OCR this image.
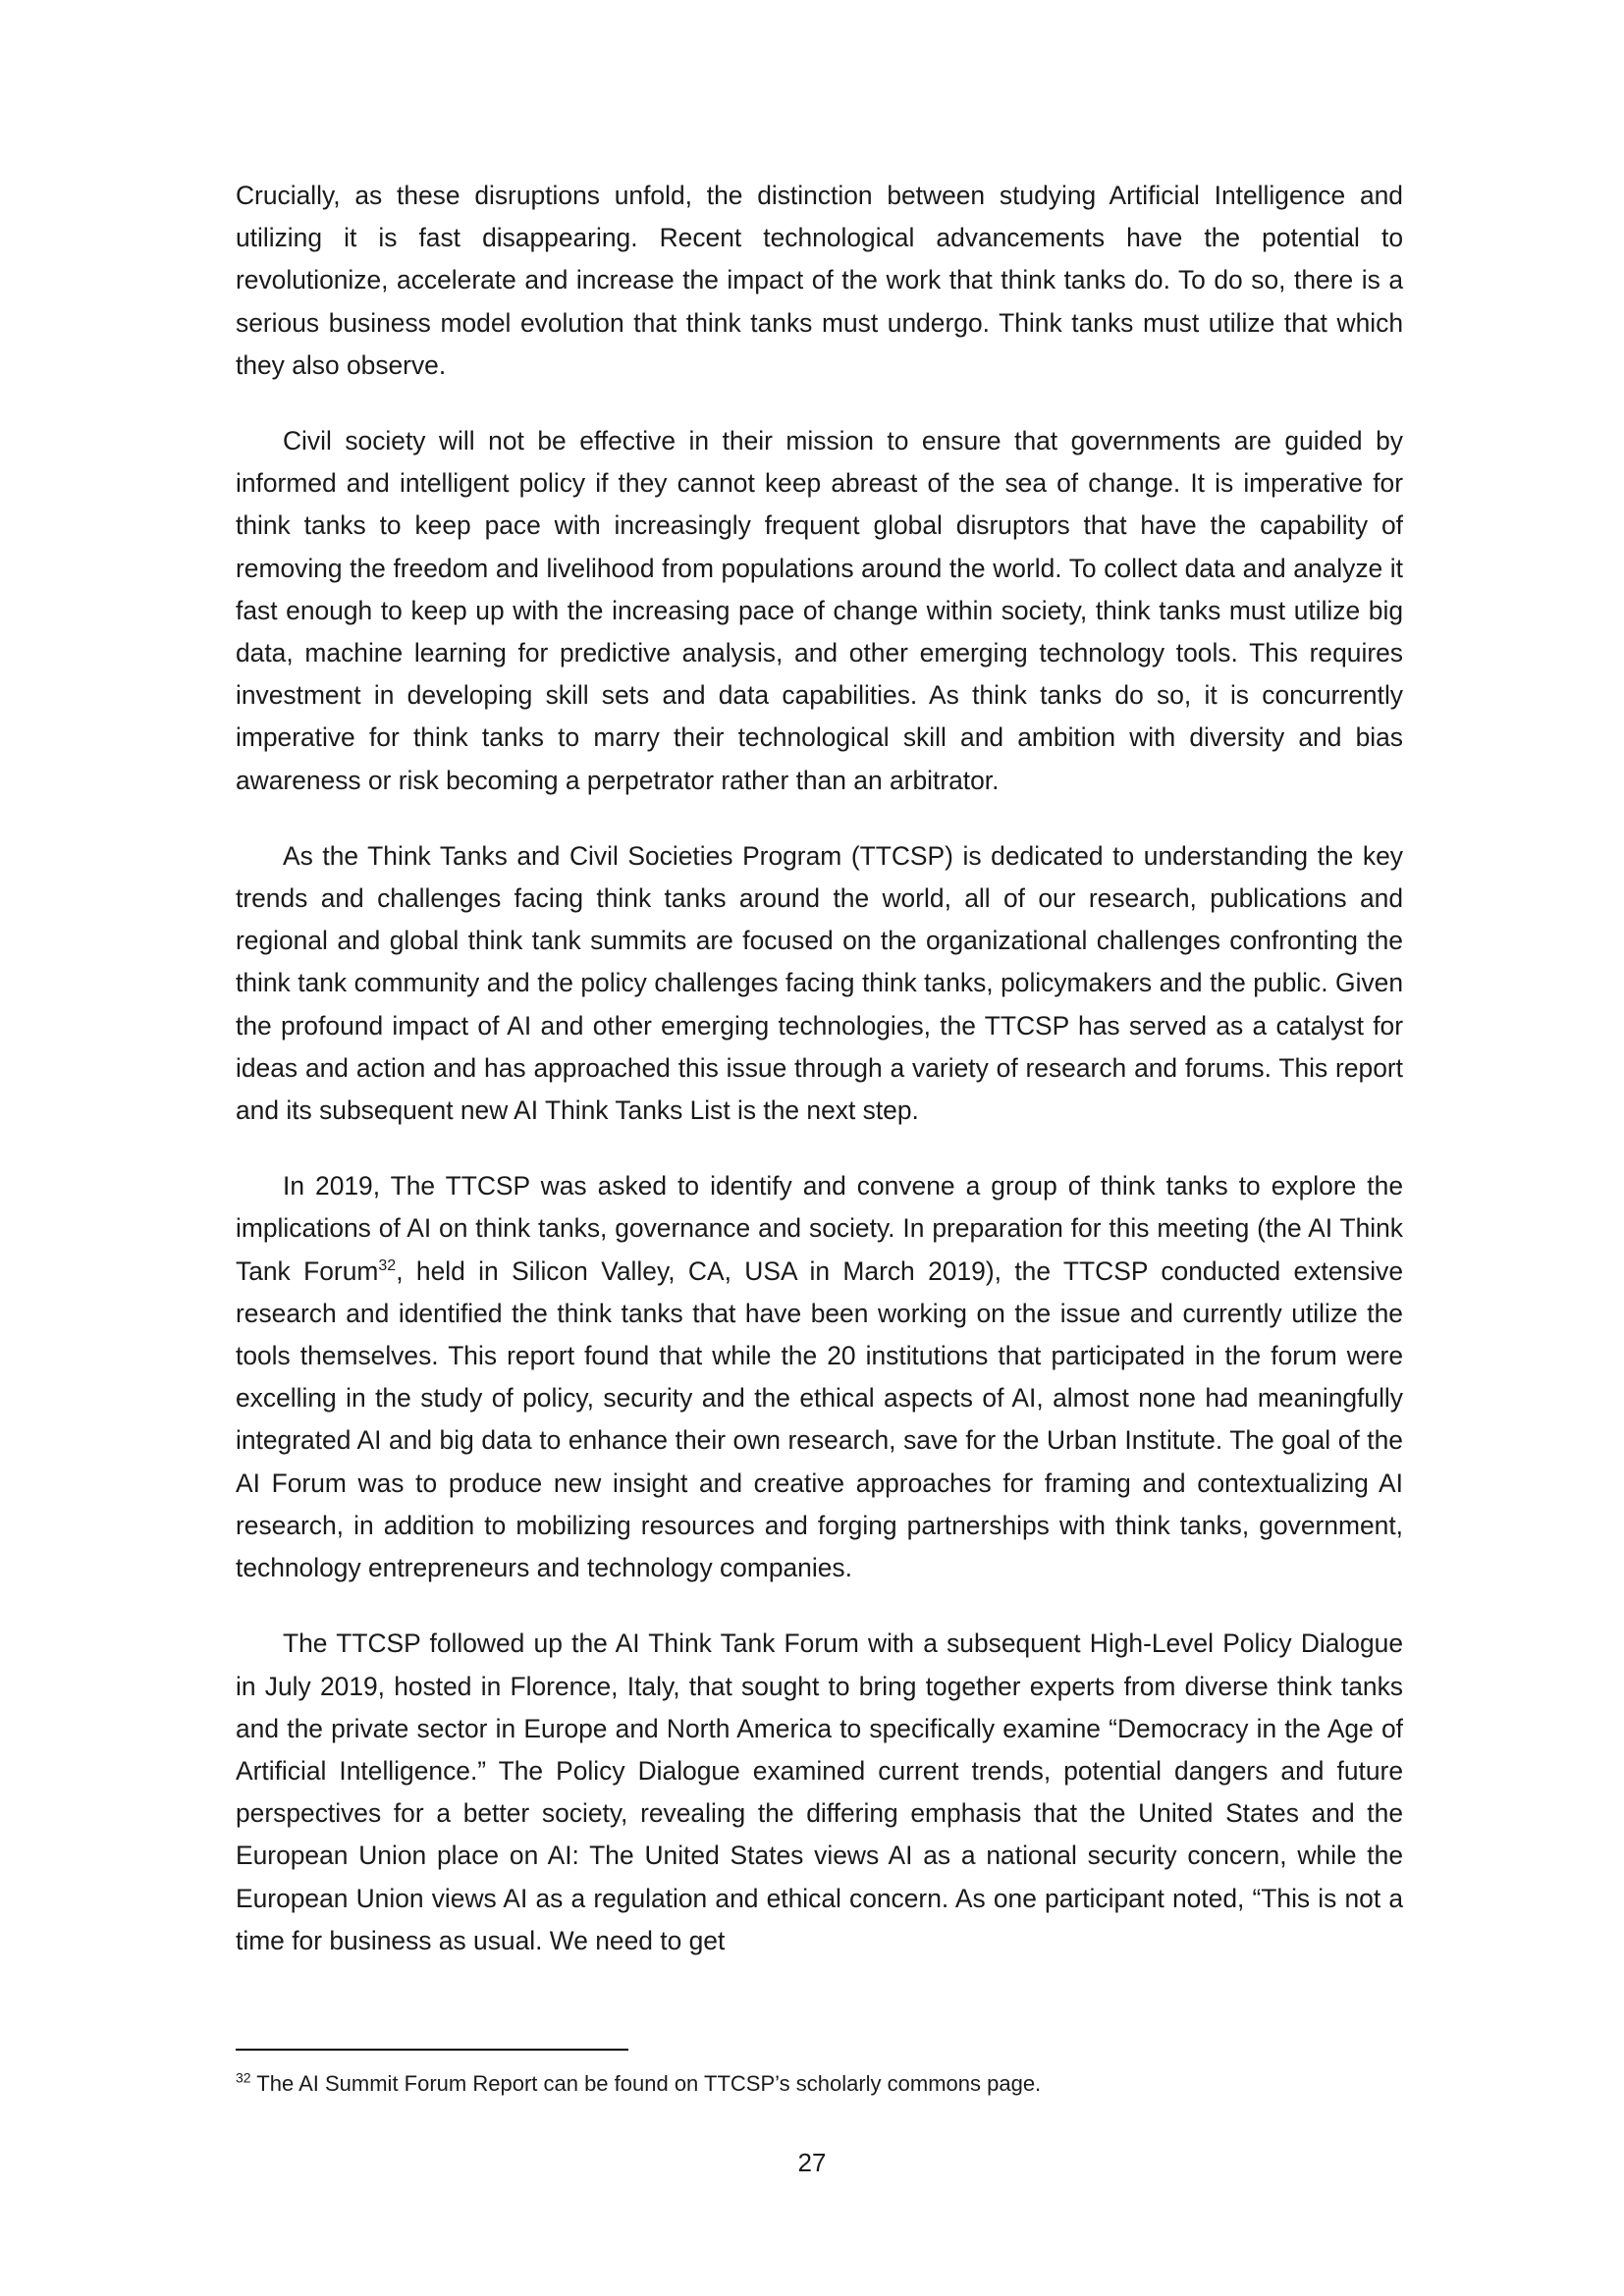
Crucially, as these disruptions unfold, the distinction between studying Artificial Intelligence and utilizing it is fast disappearing. Recent technological advancements have the potential to revolutionize, accelerate and increase the impact of the work that think tanks do. To do so, there is a serious business model evolution that think tanks must undergo. Think tanks must utilize that which they also observe.

Civil society will not be effective in their mission to ensure that governments are guided by informed and intelligent policy if they cannot keep abreast of the sea of change. It is imperative for think tanks to keep pace with increasingly frequent global disruptors that have the capability of removing the freedom and livelihood from populations around the world. To collect data and analyze it fast enough to keep up with the increasing pace of change within society, think tanks must utilize big data, machine learning for predictive analysis, and other emerging technology tools. This requires investment in developing skill sets and data capabilities. As think tanks do so, it is concurrently imperative for think tanks to marry their technological skill and ambition with diversity and bias awareness or risk becoming a perpetrator rather than an arbitrator.

As the Think Tanks and Civil Societies Program (TTCSP) is dedicated to understanding the key trends and challenges facing think tanks around the world, all of our research, publications and regional and global think tank summits are focused on the organizational challenges confronting the think tank community and the policy challenges facing think tanks, policymakers and the public. Given the profound impact of AI and other emerging technologies, the TTCSP has served as a catalyst for ideas and action and has approached this issue through a variety of research and forums. This report and its subsequent new AI Think Tanks List is the next step.

In 2019, The TTCSP was asked to identify and convene a group of think tanks to explore the implications of AI on think tanks, governance and society. In preparation for this meeting (the AI Think Tank Forum$^{32}$, held in Silicon Valley, CA, USA in March 2019), the TTCSP conducted extensive research and identified the think tanks that have been working on the issue and currently utilize the tools themselves. This report found that while the 20 institutions that participated in the forum were excelling in the study of policy, security and the ethical aspects of AI, almost none had meaningfully integrated AI and big data to enhance their own research, save for the Urban Institute. The goal of the AI Forum was to produce new insight and creative approaches for framing and contextualizing AI research, in addition to mobilizing resources and forging partnerships with think tanks, government, technology entrepreneurs and technology companies.

The TTCSP followed up the AI Think Tank Forum with a subsequent High-Level Policy Dialogue in July 2019, hosted in Florence, Italy, that sought to bring together experts from diverse think tanks and the private sector in Europe and North America to specifically examine “Democracy in the Age of Artificial Intelligence.” The Policy Dialogue examined current trends, potential dangers and future perspectives for a better society, revealing the differing emphasis that the United States and the European Union place on AI: The United States views AI as a national security concern, while the European Union views AI as a regulation and ethical concern. As one participant noted, “This is not a time for business as usual. We need to get

$^{32}$ The AI Summit Forum Report can be found on TTCSP’s scholarly commons page.
27
